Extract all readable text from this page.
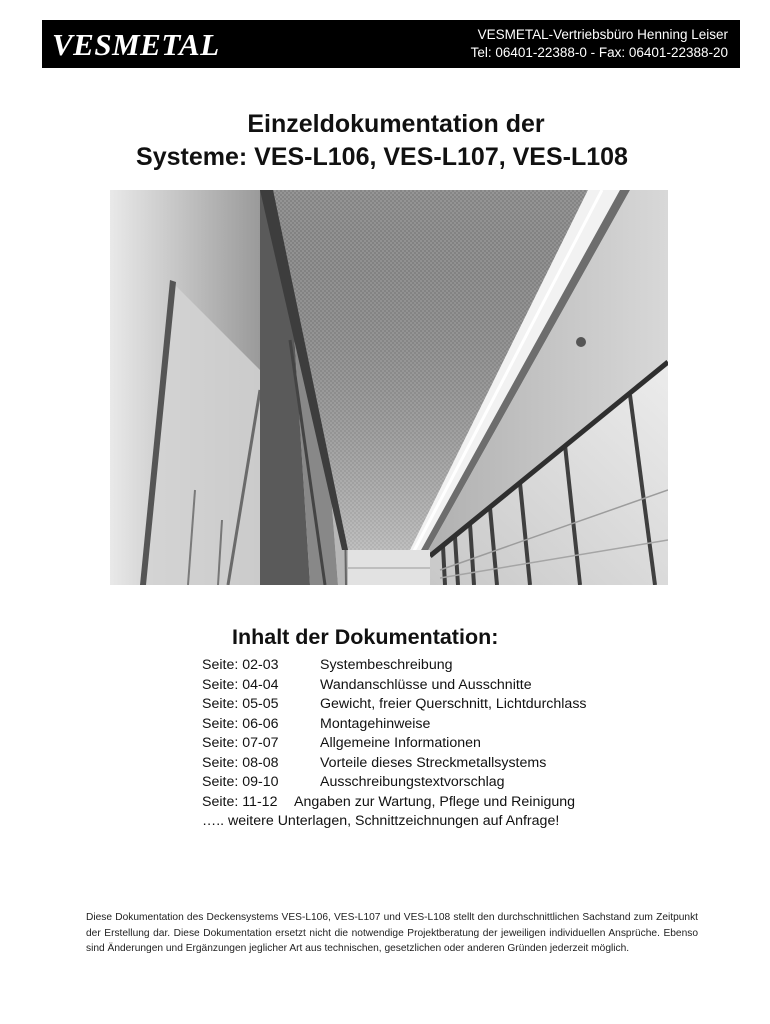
VESMETAL	VESMETAL-Vertriebsbüro Henning Leiser
Tel: 06401-22388-0 - Fax: 06401-22388-20
Einzeldokumentation der
Systeme: VES-L106, VES-L107, VES-L108
Inhalt der Dokumentation:
Seite: 02-03	Systembeschreibung
Seite: 04-04	Wandanschlüsse und Ausschnitte
Seite: 05-05	Gewicht, freier Querschnitt, Lichtdurchlass
Seite: 06-06	Montagehinweise
Seite: 07-07	Allgemeine Informationen
Seite: 08-08	Vorteile dieses Streckmetallsystems
Seite: 09-10	Ausschreibungstextvorschlag
Seite: 11-12 Angaben zur Wartung, Pflege und Reinigung
….. weitere Unterlagen, Schnittzeichnungen auf Anfrage!
Diese Dokumentation des Deckensystems VES-L106, VES-L107 und VES-L108 stellt den durchschnittlichen Sachstand zum Zeitpunkt der Erstellung dar. Diese Dokumentation ersetzt nicht die notwendige Projektberatung der jeweiligen individuellen Ansprüche. Ebenso sind Änderungen und Ergänzungen jeglicher Art aus technischen, gesetzlichen oder anderen Gründen jederzeit möglich.
